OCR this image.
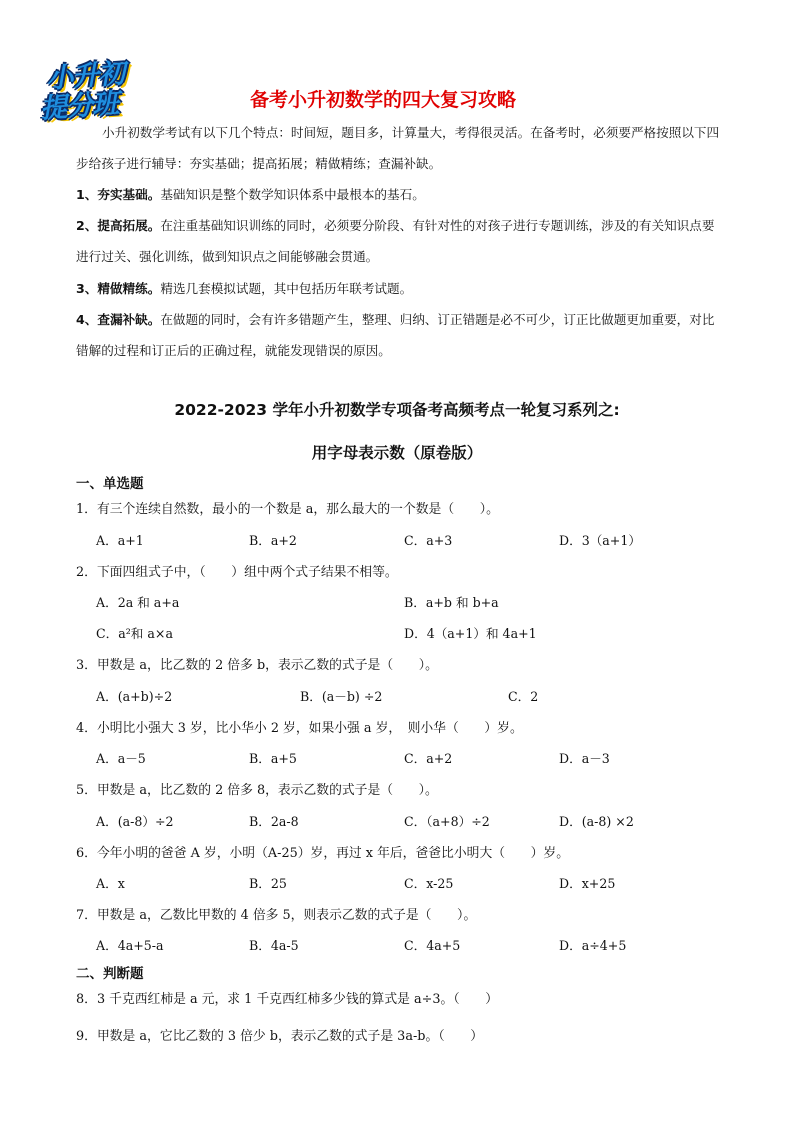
小升初
提分班	备考小升初数学的四大复习攻略
小升初数学考试有以下几个特点：时间短，题目多，计算量大，考得很灵活。在备考时，必须要严格按照以下四步给孩子进行辅导：夯实基础；提高拓展；精做精练；查漏补缺。
1、夯实基础。基础知识是整个数学知识体系中最根本的基石。
2、提高拓展。在注重基础知识训练的同时，必须要分阶段、有针对性的对孩子进行专题训练，涉及的有关知识点要进行过关、强化训练，做到知识点之间能够融会贯通。
3、精做精练。精选几套模拟试题，其中包括历年联考试题。
4、查漏补缺。在做题的同时，会有许多错题产生，整理、归纳、订正错题是必不可少，订正比做题更加重要，对比错解的过程和订正后的正确过程，就能发现错误的原因。
2022-2023 学年小升初数学专项备考高频考点一轮复习系列之:
用字母表示数（原卷版）
一、单选题
1．有三个连续自然数，最小的一个数是 a，那么最大的一个数是（　　）。
A．a+1	B．a+2	C．a+3	D．3（a+1）
2．下面四组式子中，（　　）组中两个式子结果不相等。
A．2a 和 a+a	B．a+b 和 b+a
C．a²和 a×a	D．4（a+1）和 4a+1
3．甲数是 a，比乙数的 2 倍多 b，表示乙数的式子是（　　）。
A．(a+b)÷2	B．(a－b) ÷2	C．2
4．小明比小强大 3 岁，比小华小 2 岁，如果小强 a 岁，　则小华（　　）岁。
A．a－5	B．a+5	C．a+2	D．a－3
5．甲数是 a，比乙数的 2 倍多 8，表示乙数的式子是（　　）。
A．(a-8）÷2	B．2a-8	C．（a+8）÷2	D．(a-8) ×2
6．今年小明的爸爸 A 岁，小明（A-25）岁，再过 x 年后，爸爸比小明大（　　）岁。
A．x	B．25	C．x-25	D．x+25
7．甲数是 a，乙数比甲数的 4 倍多 5，则表示乙数的式子是（　　）。
A．4a+5-a	B．4a-5	C．4a+5	D．a÷4+5
二、判断题
8．3 千克西红柿是 a 元，求 1 千克西红柿多少钱的算式是 a÷3。（　　）
9．甲数是 a，它比乙数的 3 倍少 b，表示乙数的式子是 3a-b。（　　）
